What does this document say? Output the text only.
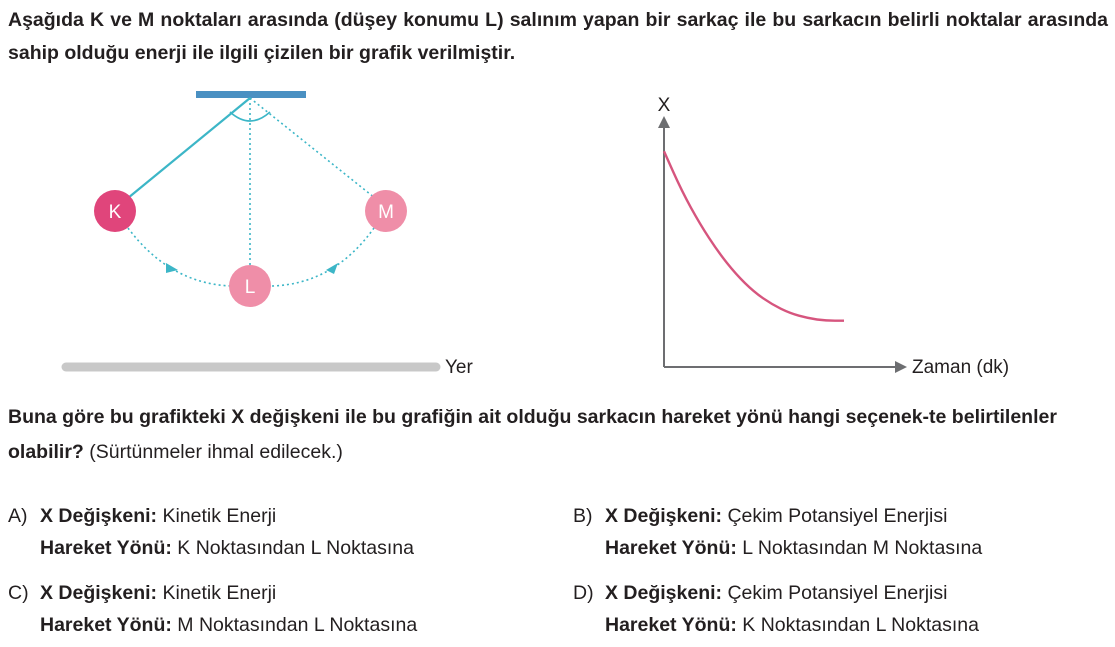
Aşağıda K ve M noktaları arasında (düşey konumu L) salınım yapan bir sarkaç ile bu sarkacın belirli noktalar arasında sahip olduğu enerji ile ilgili çizilen bir grafik verilmiştir.
K
L
M
Yer
X
Zaman (dk)
Buna göre bu grafikteki X değişkeni ile bu grafiğin ait olduğu sarkacın hareket yönü hangi seçenek-te belirtilenler olabilir? (Sürtünmeler ihmal edilecek.)
A) X Değişkeni: Kinetik Enerji
Hareket Yönü: K Noktasından L Noktasına
B) X Değişkeni: Çekim Potansiyel Enerjisi
Hareket Yönü: L Noktasından M Noktasına
C) X Değişkeni: Kinetik Enerji
Hareket Yönü: M Noktasından L Noktasına
D) X Değişkeni: Çekim Potansiyel Enerjisi
Hareket Yönü: K Noktasından L Noktasına
